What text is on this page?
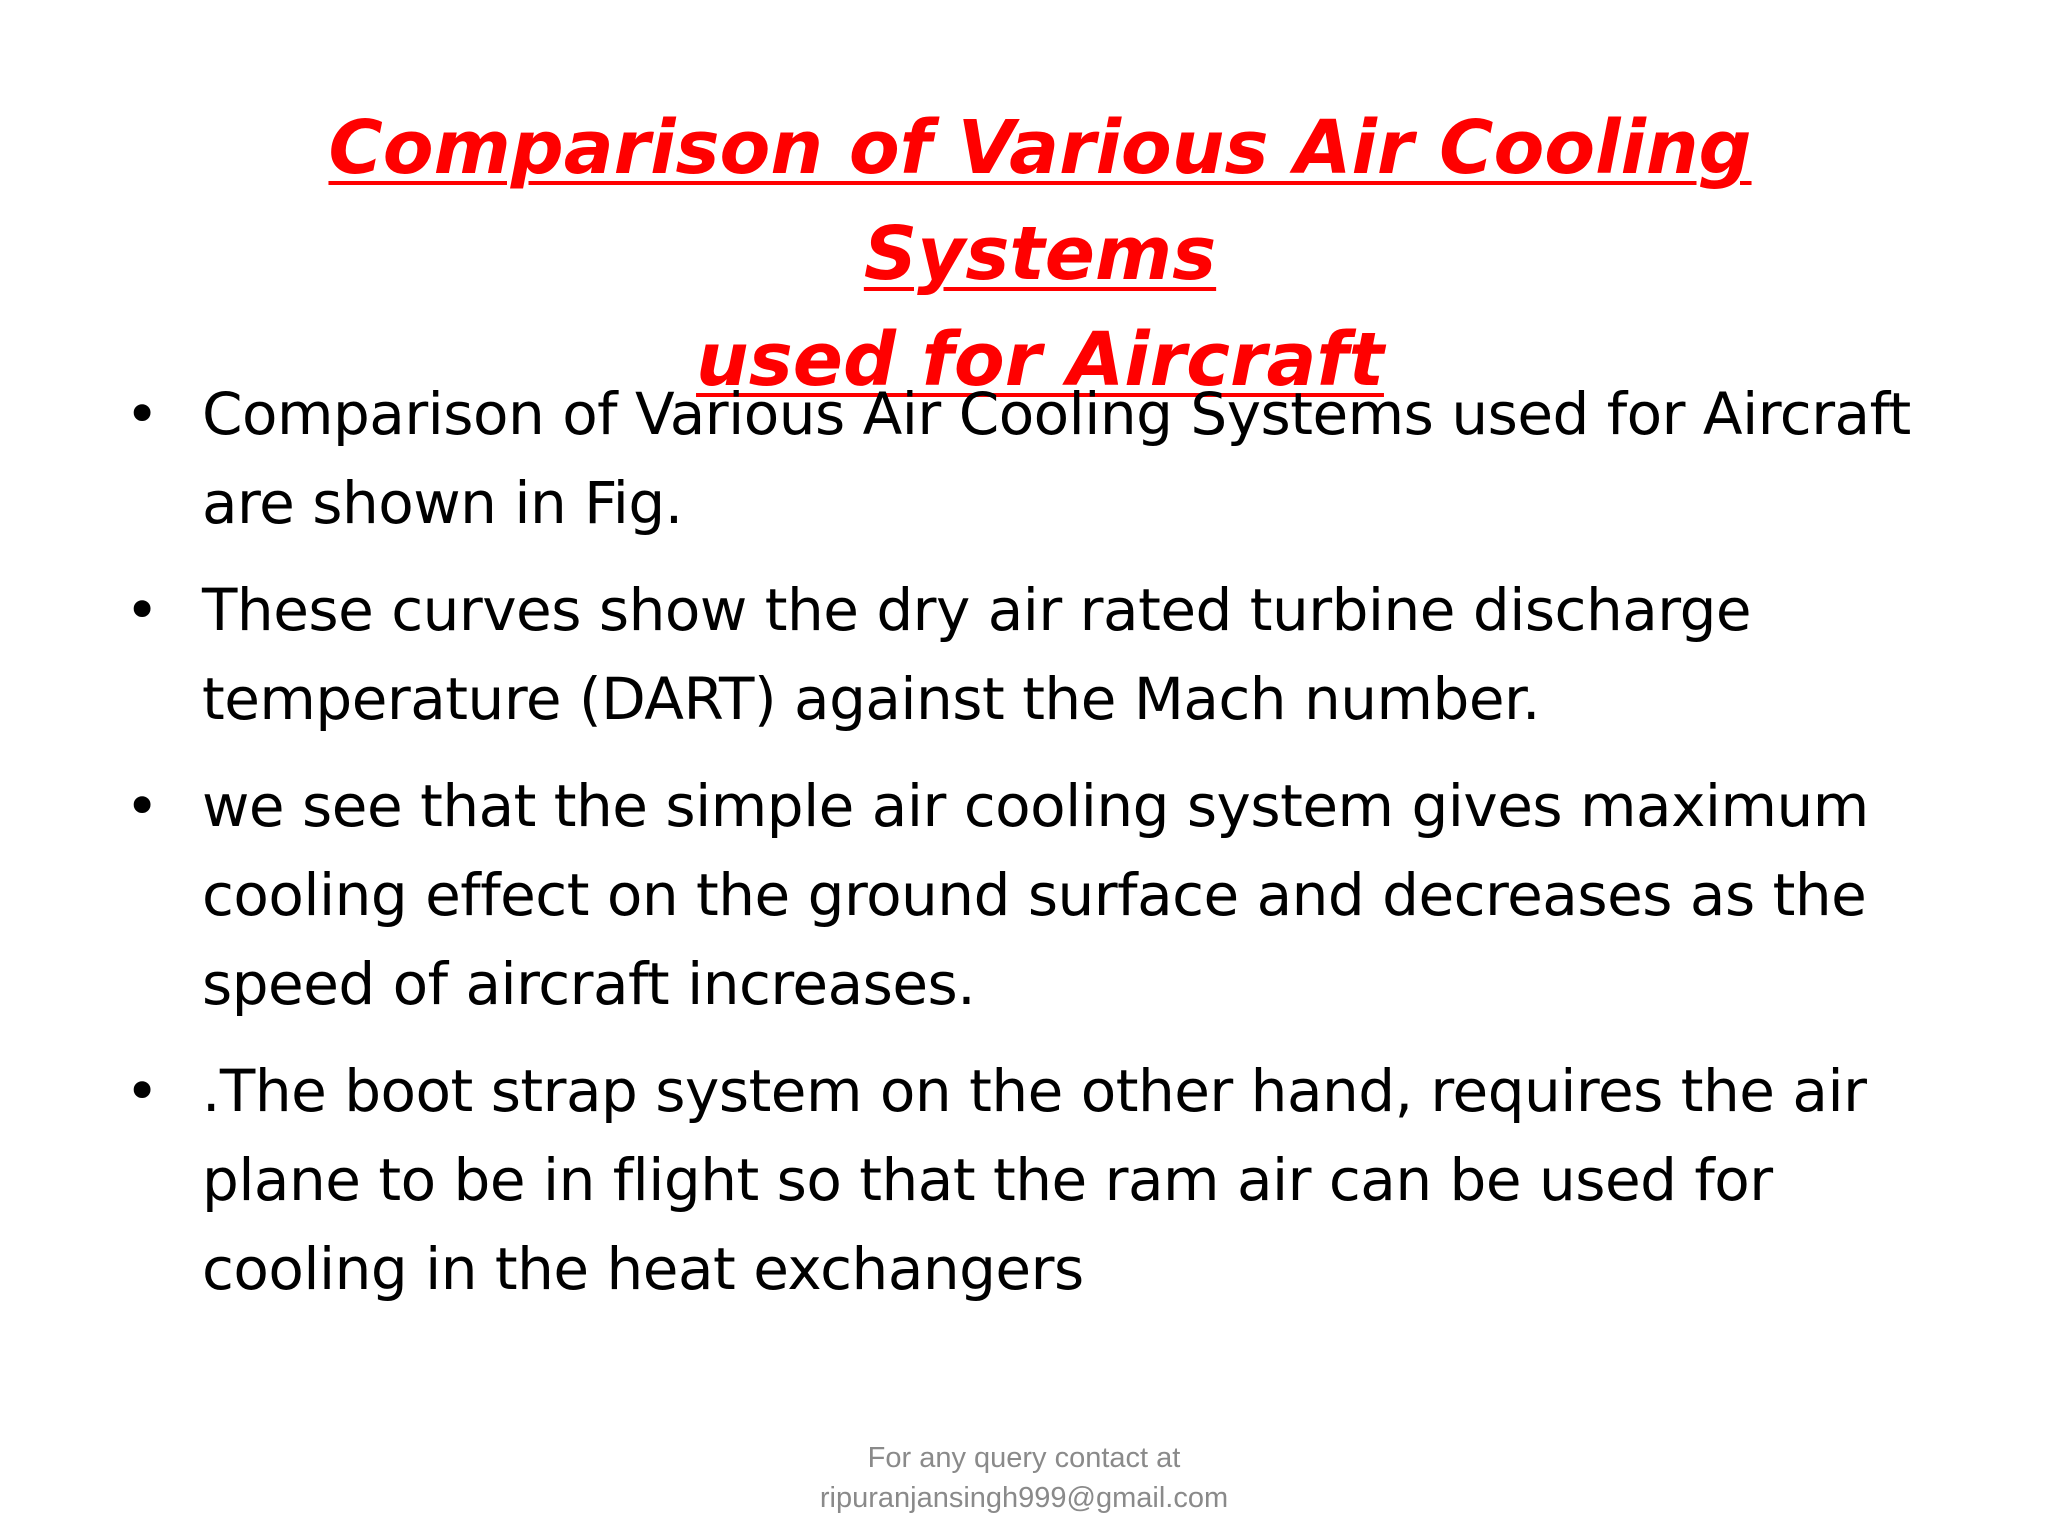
Comparison of Various Air Cooling Systems
used for Aircraft
• Comparison of Various Air Cooling Systems used for Aircraft are shown in Fig.
• These curves show the dry air rated turbine discharge temperature (DART) against the Mach number.
• we see that the simple air cooling system gives maximum cooling effect on the ground surface and decreases as the speed of aircraft increases.
• .The boot strap system on the other hand, requires the air plane to be in flight so that the ram air can be used for cooling in the heat exchangers
For any query contact at
ripuranjansingh999@gmail.com
